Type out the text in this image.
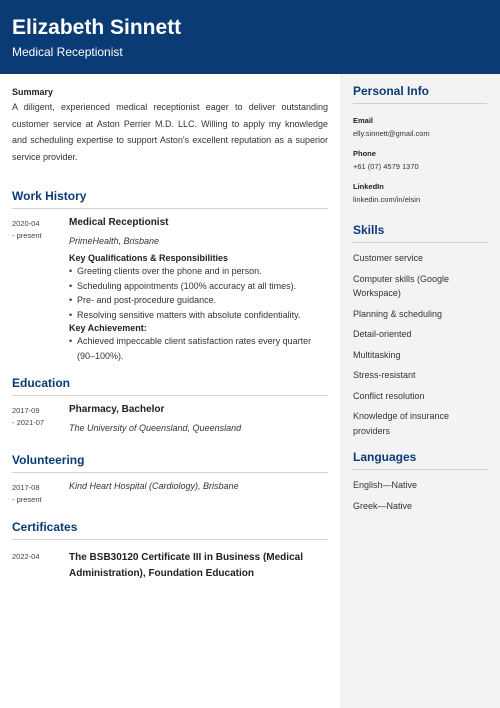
Elizabeth Sinnett
Medical Receptionist
Summary
A diligent, experienced medical receptionist eager to deliver outstanding customer service at Aston Perrier M.D. LLC. Willing to apply my knowledge and scheduling expertise to support Aston's excellent reputation as a superior service provider.
Work History
2020-04
- present
Medical Receptionist
PrimeHealth, Brisbane
Key Qualifications & Responsibilities
• Greeting clients over the phone and in person.
• Scheduling appointments (100% accuracy at all times).
• Pre- and post-procedure guidance.
• Resolving sensitive matters with absolute confidentiality.
Key Achievement:
• Achieved impeccable client satisfaction rates every quarter (90–100%).
Education
2017-09
- 2021-07
Pharmacy, Bachelor
The University of Queensland, Queensland
Volunteering
2017-08
- present
Kind Heart Hospital (Cardiology), Brisbane
Certificates
2022-04	The BSB30120 Certificate III in Business (Medical Administration), Foundation Education
Personal Info
Email
elly.sinnett@gmail.com
Phone
+61 (07) 4579 1370
LinkedIn
linkedin.com/in/elsin
Skills
Customer service
Computer skills (Google Workspace)
Planning & scheduling
Detail-oriented
Multitasking
Stress-resistant
Conflict resolution
Knowledge of insurance providers
Languages
English—Native
Greek—Native
